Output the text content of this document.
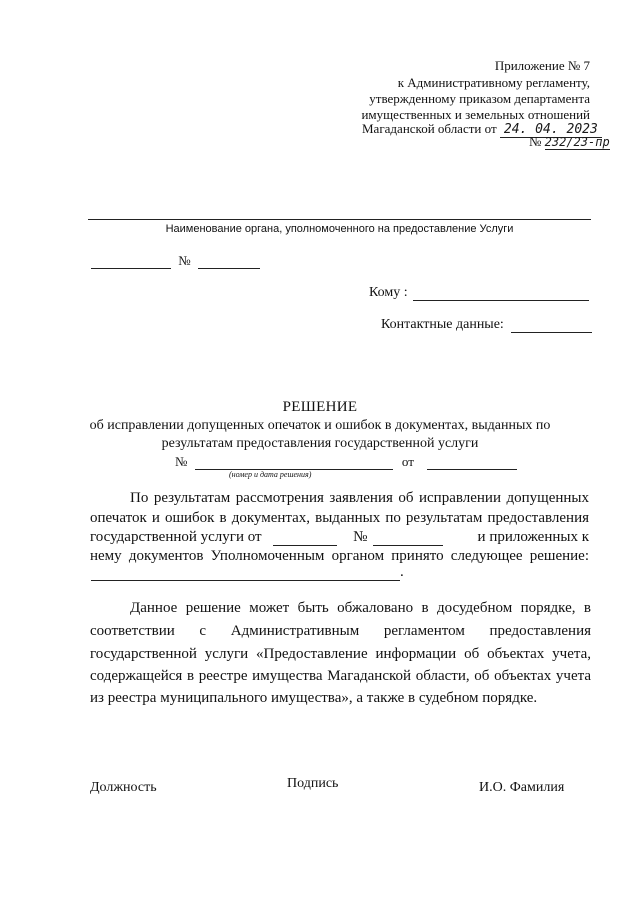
Приложение № 7
к Административному регламенту,
утвержденному приказом департамента
имущественных и земельных отношений
Магаданской области от 24. 04. 2023
№ 232/23-пр
Наименование органа, уполномоченного на предоставление Услуги
№
Кому :
Контактные данные:
РЕШЕНИЕ
об исправлении допущенных опечаток и ошибок в документах, выданных по
результатам предоставления государственной услуги
№	от
(номер и дата решения)
По результатам рассмотрения заявления об исправлении допущенных
опечаток и ошибок в документах, выданных по результатам предоставления
государственной услуги от	№	и приложенных к
нему документов Уполномоченным органом принято следующее решение:
.
Данное решение может быть обжаловано в досудебном порядке, в
соответствии      с      Административным      регламентом      предоставления
государственной услуги «Предоставление информации об объектах учета,
содержащейся в реестре имущества Магаданской области, об объектах учета
из реестра муниципального имущества», а также в судебном порядке.
Должность	Подпись	И.О. Фамилия
